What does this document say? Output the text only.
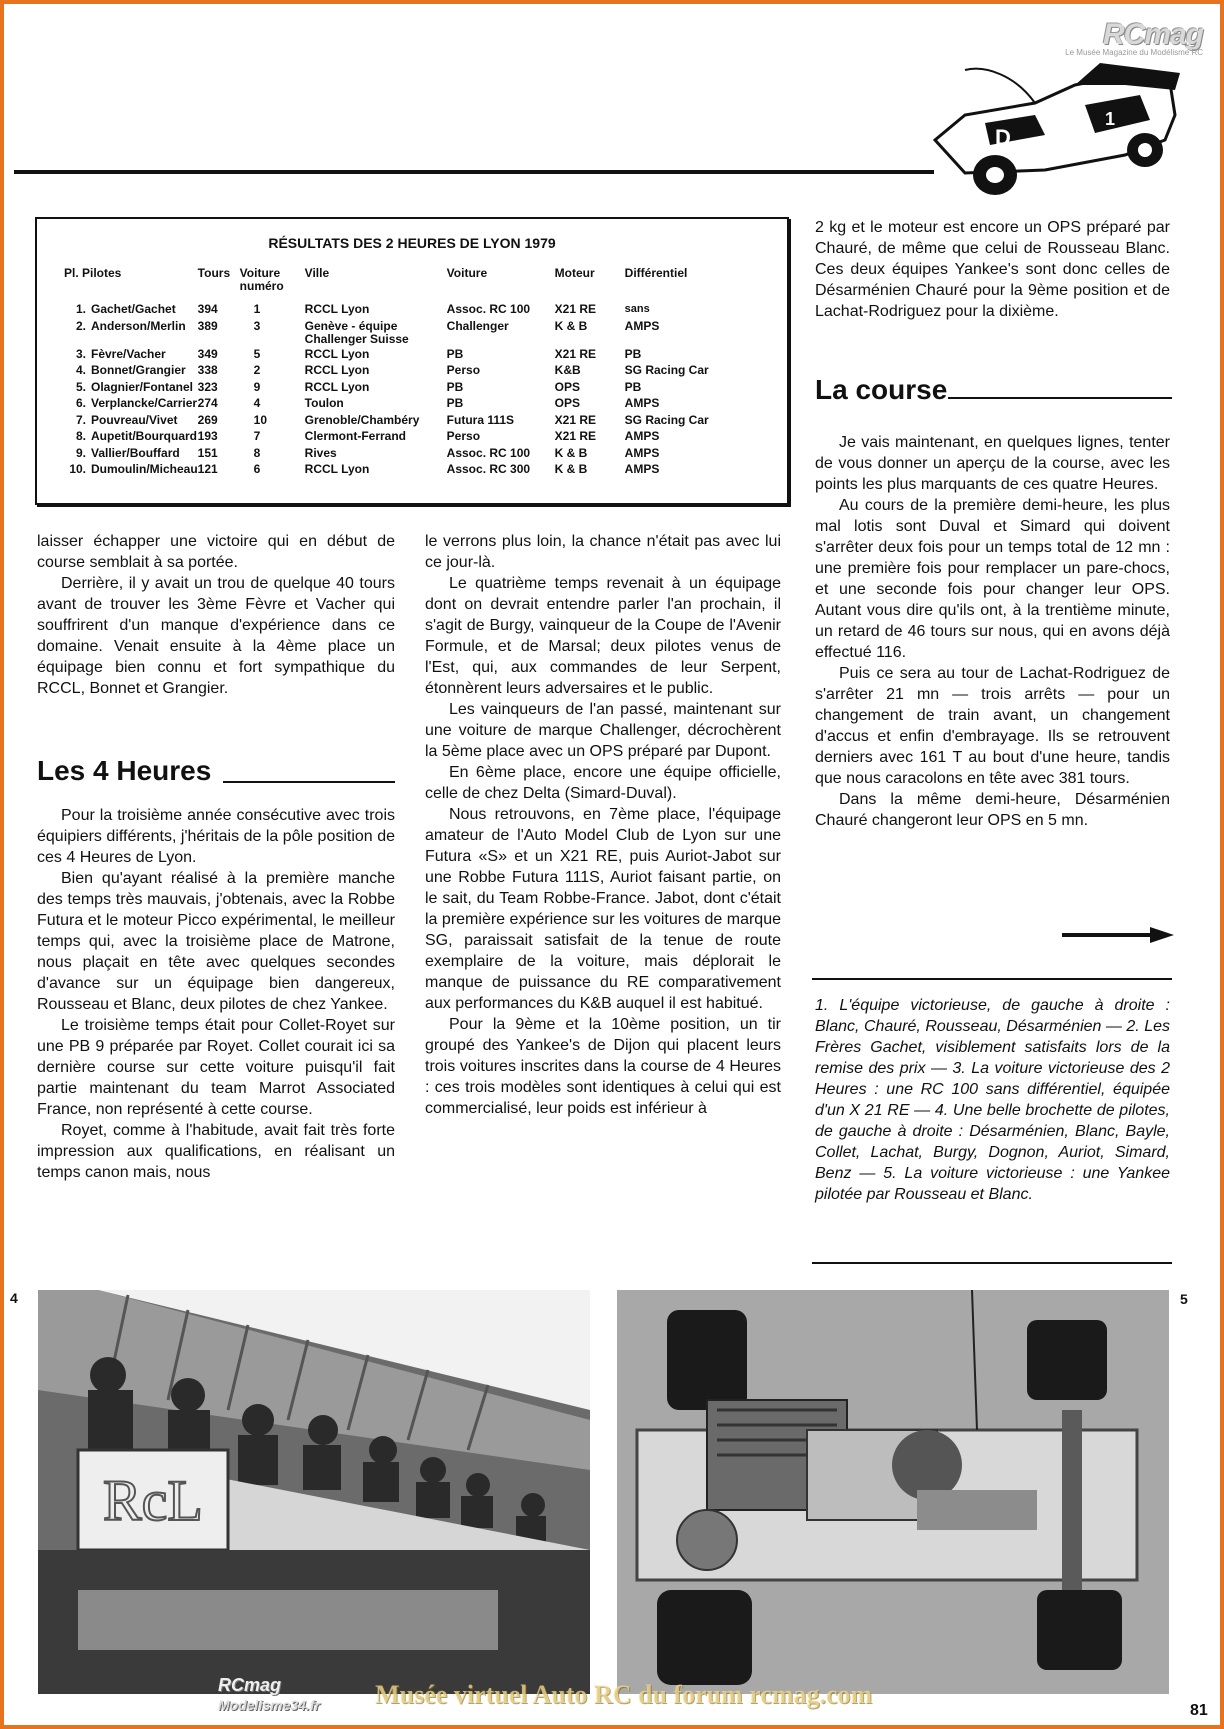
RCmag
Le Musée Magazine du Modélisme RC
D
1
RÉSULTATS DES 2 HEURES DE LYON 1979
Pl. Pilotes	Tours	Voiture
numéro	Ville	Voiture	Moteur	Différentiel
1. Gachet/Gachet	394	1	RCCL Lyon	Assoc. RC 100	X21 RE	sans
2. Anderson/Merlin	389	3	Genève - équipe
Challenger Suisse	Challenger	K & B	AMPS
3. Fèvre/Vacher	349	5	RCCL Lyon	PB	X21 RE	PB
4. Bonnet/Grangier	338	2	RCCL Lyon	Perso	K&B	SG Racing Car
5. Olagnier/Fontanel	323	9	RCCL Lyon	PB	OPS	PB
6. Verplancke/Carrier	274	4	Toulon	PB	OPS	AMPS
7. Pouvreau/Vivet	269	10	Grenoble/Chambéry	Futura 111S	X21 RE	SG Racing Car
8. Aupetit/Bourquard	193	7	Clermont-Ferrand	Perso	X21 RE	AMPS
9. Vallier/Bouffard	151	8	Rives	Assoc. RC 100	K & B	AMPS
10. Dumoulin/Micheau	121	6	RCCL Lyon	Assoc. RC 300	K & B	AMPS

laisser échapper une victoire qui en début de course semblait à sa portée.

Derrière, il y avait un trou de quelque 40 tours avant de trouver les 3ème Fèvre et Vacher qui souffrirent d'un manque d'expérience dans ce domaine. Venait ensuite à la 4ème place un équipage bien connu et fort sympathique du RCCL, Bonnet et Grangier.

Les 4 Heures

Pour la troisième année consécutive avec trois équipiers différents, j'héritais de la pôle position de ces 4 Heures de Lyon.

Bien qu'ayant réalisé à la première manche des temps très mauvais, j'obtenais, avec la Robbe Futura et le moteur Picco expérimental, le meilleur temps qui, avec la troisième place de Matrone, nous plaçait en tête avec quelques secondes d'avance sur un équipage bien dangereux, Rousseau et Blanc, deux pilotes de chez Yankee.

Le troisième temps était pour Collet-Royet sur une PB 9 préparée par Royet. Collet courait ici sa dernière course sur cette voiture puisqu'il fait partie maintenant du team Marrot Associated France, non représenté à cette course.

Royet, comme à l'habitude, avait fait très forte impression aux qualifications, en réalisant un temps canon mais, nous

le verrons plus loin, la chance n'était pas avec lui ce jour-là.

Le quatrième temps revenait à un équipage dont on devrait entendre parler l'an prochain, il s'agit de Burgy, vainqueur de la Coupe de l'Avenir Formule, et de Marsal; deux pilotes venus de l'Est, qui, aux commandes de leur Serpent, étonnèrent leurs adversaires et le public.

Les vainqueurs de l'an passé, maintenant sur une voiture de marque Challenger, décrochèrent la 5ème place avec un OPS préparé par Dupont.

En 6ème place, encore une équipe officielle, celle de chez Delta (Simard-Duval).

Nous retrouvons, en 7ème place, l'équipage amateur de l'Auto Model Club de Lyon sur une Futura «S» et un X21 RE, puis Auriot-Jabot sur une Robbe Futura 111S, Auriot faisant partie, on le sait, du Team Robbe-France. Jabot, dont c'était la première expérience sur les voitures de marque SG, paraissait satisfait de la tenue de route exemplaire de la voiture, mais déplorait le manque de puissance du RE comparativement aux performances du K&B auquel il est habitué.

Pour la 9ème et la 10ème position, un tir groupé des Yankee's de Dijon qui placent leurs trois voitures inscrites dans la course de 4 Heures : ces trois modèles sont identiques à celui qui est commercialisé, leur poids est inférieur à

2 kg et le moteur est encore un OPS préparé par Chauré, de même que celui de Rousseau Blanc. Ces deux équipes Yankee's sont donc celles de Désarménien Chauré pour la 9ème position et de Lachat-Rodriguez pour la dixième.

La course

Je vais maintenant, en quelques lignes, tenter de vous donner un aperçu de la course, avec les points les plus marquants de ces quatre Heures.

Au cours de la première demi-heure, les plus mal lotis sont Duval et Simard qui doivent s'arrêter deux fois pour un temps total de 12 mn : une première fois pour remplacer un pare-chocs, et une seconde fois pour changer leur OPS. Autant vous dire qu'ils ont, à la trentième minute, un retard de 46 tours sur nous, qui en avons déjà effectué 116.

Puis ce sera au tour de Lachat-Rodriguez de s'arrêter 21 mn — trois arrêts — pour un changement de train avant, un changement d'accus et enfin d'embrayage. Ils se retrouvent derniers avec 161 T au bout d'une heure, tandis que nous caracolons en tête avec 381 tours.

Dans la même demi-heure, Désarménien Chauré changeront leur OPS en 5 mn.

1. L'équipe victorieuse, de gauche à droite : Blanc, Chauré, Rousseau, Désarménien — 2. Les Frères Gachet, visiblement satisfaits lors de la remise des prix — 3. La voiture victorieuse des 2 Heures : une RC 100 sans différentiel, équipée d'un X 21 RE — 4. Une belle brochette de pilotes, de gauche à droite : Désarménien, Blanc, Bayle, Collet, Lachat, Burgy, Dognon, Auriot, Simard, Benz — 5. La voiture victorieuse : une Yankee pilotée par Rousseau et Blanc.
4	5
RcL
RCmag
Modelisme34.fr Musée virtuel Auto RC du forum rcmag.com
81
